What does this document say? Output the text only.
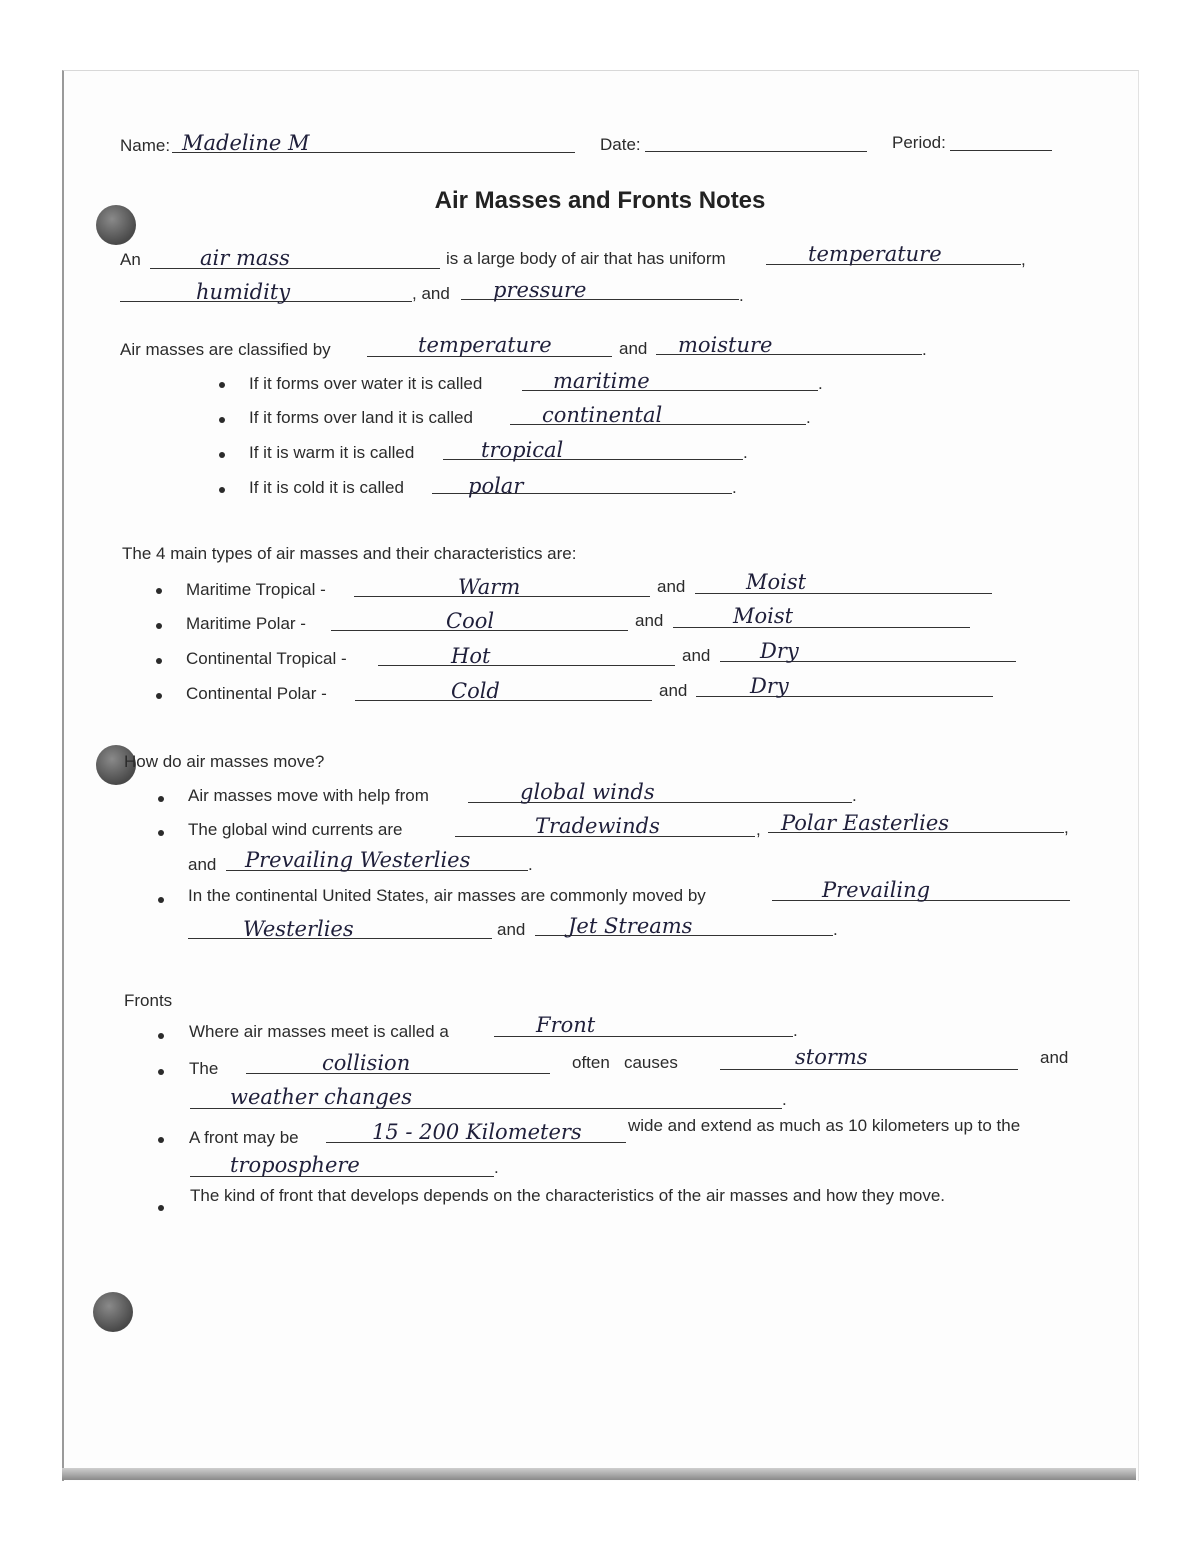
Name: Madeline M	Date:	Period:
Air Masses and Fronts Notes
An	air mass	is a large body of air that has uniform	temperature	,
humidity	, and pressure	.
Air masses are classified by	temperature	and moisture	.
If it forms over water it is called	maritime	.
If it forms over land it is called	continental	.
If it is warm it is called	tropical	.
If it is cold it is called	polar	.
The 4 main types of air masses and their characteristics are:
Maritime Tropical -	Warm	and	Moist
Maritime Polar -	Cool	and	Moist
Continental Tropical -	Hot	and Dry
Continental Polar -	Cold	and	Dry
How do air masses move?
Air masses move with help from	global winds	.
The global wind currents are	Tradewinds	, Polar Easterlies	,
and Prevailing Westerlies	.
In the continental United States, air masses are commonly moved by	Prevailing
Westerlies	and Jet Streams	.
Fronts
Where air masses meet is called a	Front	.
The	collision	often   causes	storms	and
weather changes	.
A front may be	15 - 200 Kilometers	wide and extend as much as 10 kilometers up to the
troposphere	.
The kind of front that develops depends on the characteristics of the air masses and how they move.
